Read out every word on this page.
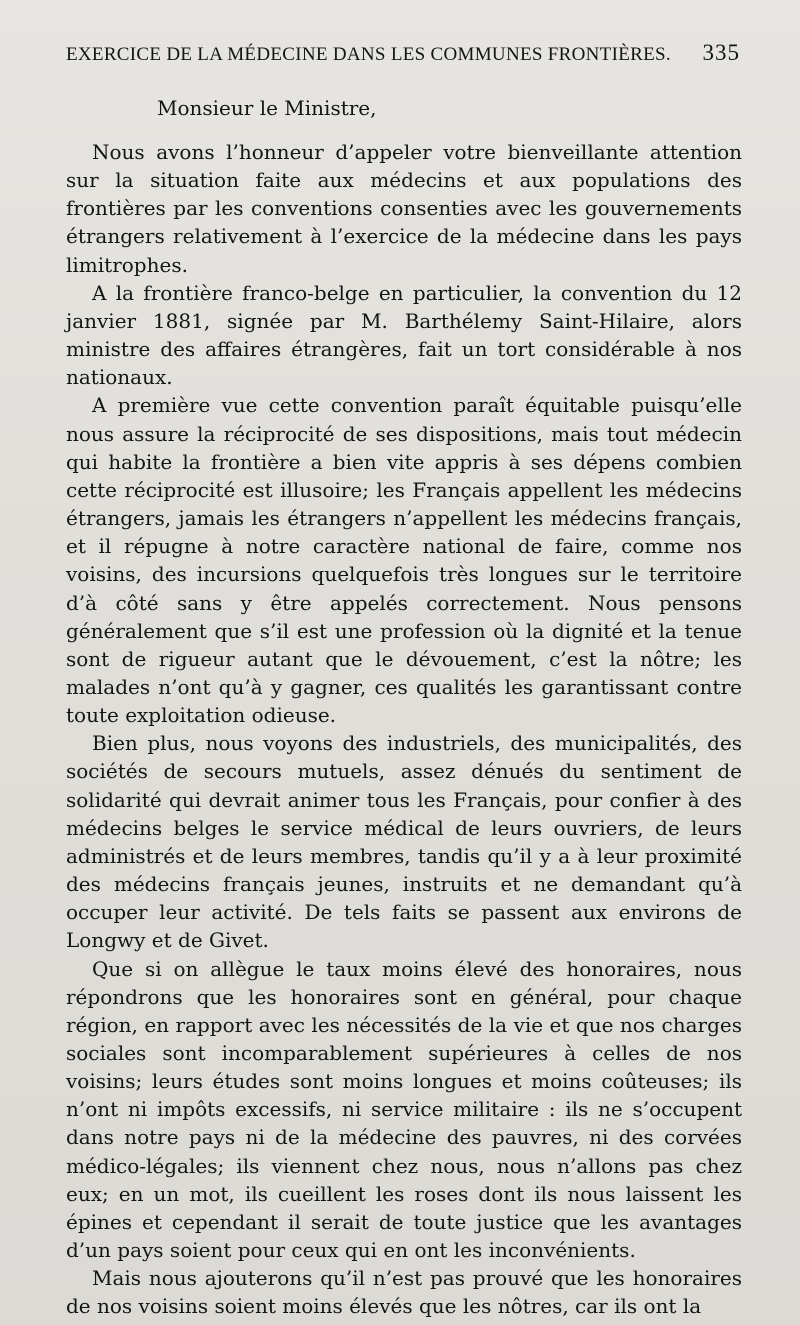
EXERCICE DE LA MÉDECINE DANS LES COMMUNES FRONTIÈRES. 335
Monsieur le Ministre,

Nous avons l’honneur d’appeler votre bienveillante attention sur la situation faite aux médecins et aux populations des frontières par les conventions consenties avec les gouvernements étrangers relativement à l’exercice de la médecine dans les pays limitrophes.

A la frontière franco-belge en particulier, la convention du 12 janvier 1881, signée par M. Barthélemy Saint-Hilaire, alors ministre des affaires étrangères, fait un tort considérable à nos nationaux.

A première vue cette convention paraît équitable puisqu’elle nous assure la réciprocité de ses dispositions, mais tout médecin qui habite la frontière a bien vite appris à ses dépens combien cette réciprocité est illusoire; les Français appellent les médecins étrangers, jamais les étrangers n’appellent les médecins français, et il répugne à notre caractère national de faire, comme nos voisins, des incursions quelquefois très longues sur le territoire d’à côté sans y être appelés correctement. Nous pensons généralement que s’il est une profession où la dignité et la tenue sont de rigueur autant que le dévouement, c’est la nôtre; les malades n’ont qu’à y gagner, ces qualités les garantissant contre toute exploitation odieuse.

Bien plus, nous voyons des industriels, des municipalités, des sociétés de secours mutuels, assez dénués du sentiment de solidarité qui devrait animer tous les Français, pour confier à des médecins belges le service médical de leurs ouvriers, de leurs administrés et de leurs membres, tandis qu’il y a à leur proximité des médecins français jeunes, instruits et ne demandant qu’à occuper leur activité. De tels faits se passent aux environs de Longwy et de Givet.

Que si on allègue le taux moins élevé des honoraires, nous répondrons que les honoraires sont en général, pour chaque région, en rapport avec les nécessités de la vie et que nos charges sociales sont incomparablement supérieures à celles de nos voisins; leurs études sont moins longues et moins coûteuses; ils n’ont ni impôts excessifs, ni service militaire : ils ne s’occupent dans notre pays ni de la médecine des pauvres, ni des corvées médico-légales; ils viennent chez nous, nous n’allons pas chez eux; en un mot, ils cueillent les roses dont ils nous laissent les épines et cependant il serait de toute justice que les avantages d’un pays soient pour ceux qui en ont les inconvénients.

Mais nous ajouterons qu’il n’est pas prouvé que les honoraires de nos voisins soient moins élevés que les nôtres, car ils ont la
